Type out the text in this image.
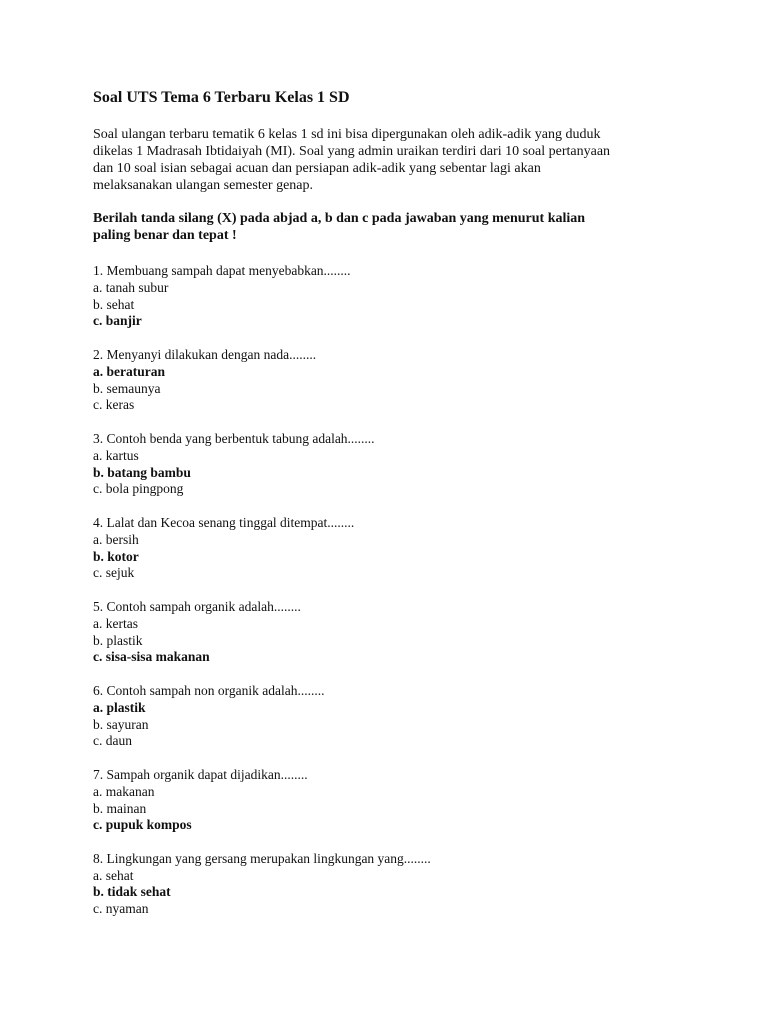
Soal UTS Tema 6 Terbaru Kelas 1 SD
Soal ulangan terbaru tematik 6 kelas 1 sd ini bisa dipergunakan oleh adik-adik yang duduk
dikelas 1 Madrasah Ibtidaiyah (MI). Soal yang admin uraikan terdiri dari 10 soal pertanyaan
dan 10 soal isian sebagai acuan dan persiapan adik-adik yang sebentar lagi akan
melaksanakan ulangan semester genap.
Berilah tanda silang (X) pada abjad a, b dan c pada jawaban yang menurut kalian
paling benar dan tepat !
1. Membuang sampah dapat menyebabkan........
a. tanah subur
b. sehat
c. banjir
2. Menyanyi dilakukan dengan nada........
a. beraturan
b. semaunya
c. keras
3. Contoh benda yang berbentuk tabung adalah........
a. kartus
b. batang bambu
c. bola pingpong
4. Lalat dan Kecoa senang tinggal ditempat........
a. bersih
b. kotor
c. sejuk
5. Contoh sampah organik adalah........
a. kertas
b. plastik
c. sisa-sisa makanan
6. Contoh sampah non organik adalah........
a. plastik
b. sayuran
c. daun
7. Sampah organik dapat dijadikan........
a. makanan
b. mainan
c. pupuk kompos
8. Lingkungan yang gersang merupakan lingkungan yang........
a. sehat
b. tidak sehat
c. nyaman
